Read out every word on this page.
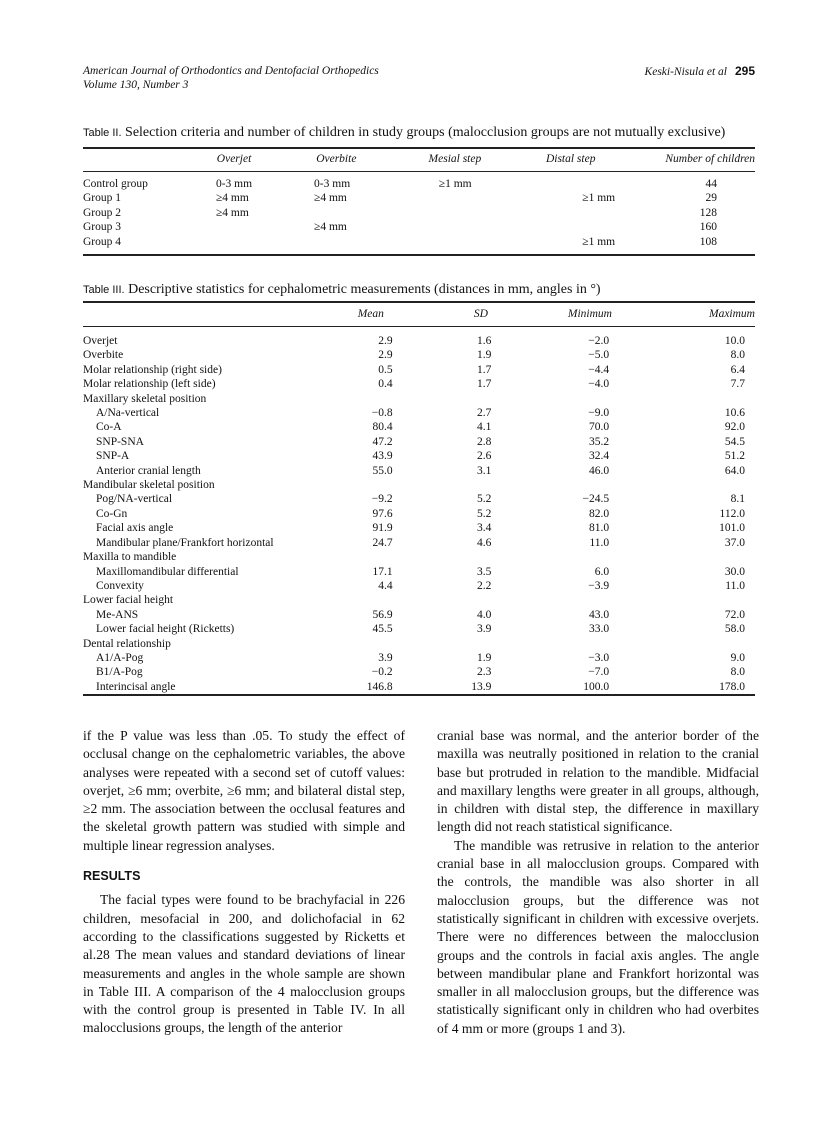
American Journal of Orthodontics and Dentofacial Orthopedics
Volume 130, Number 3
Keski-Nisula et al 295
Table II. Selection criteria and number of children in study groups (malocclusion groups are not mutually exclusive)
	Overjet	Overbite	Mesial step	Distal step	Number of children
Control group	0-3 mm	0-3 mm	≥1 mm		44
Group 1	≥4 mm	≥4 mm		≥1 mm	29
Group 2	≥4 mm				128
Group 3		≥4 mm			160
Group 4				≥1 mm	108
Table III. Descriptive statistics for cephalometric measurements (distances in mm, angles in °)
	Mean	SD	Minimum	Maximum
Overjet	2.9	1.6	−2.0	10.0
Overbite	2.9	1.9	−5.0	8.0
Molar relationship (right side)	0.5	1.7	−4.4	6.4
Molar relationship (left side)	0.4	1.7	−4.0	7.7
Maxillary skeletal position				
A/Na-vertical	−0.8	2.7	−9.0	10.6
Co-A	80.4	4.1	70.0	92.0
SNP-SNA	47.2	2.8	35.2	54.5
SNP-A	43.9	2.6	32.4	51.2
Anterior cranial length	55.0	3.1	46.0	64.0
Mandibular skeletal position				
Pog/NA-vertical	−9.2	5.2	−24.5	8.1
Co-Gn	97.6	5.2	82.0	112.0
Facial axis angle	91.9	3.4	81.0	101.0
Mandibular plane/Frankfort horizontal	24.7	4.6	11.0	37.0
Maxilla to mandible				
Maxillomandibular differential	17.1	3.5	6.0	30.0
Convexity	4.4	2.2	−3.9	11.0
Lower facial height				
Me-ANS	56.9	4.0	43.0	72.0
Lower facial height (Ricketts)	45.5	3.9	33.0	58.0
Dental relationship				
A1/A-Pog	3.9	1.9	−3.0	9.0
B1/A-Pog	−0.2	2.3	−7.0	8.0
Interincisal angle	146.8	13.9	100.0	178.0

if the P value was less than .05. To study the effect of occlusal change on the cephalometric variables, the above analyses were repeated with a second set of cutoff values: overjet, ≥6 mm; overbite, ≥6 mm; and bilateral distal step, ≥2 mm. The association between the occlusal features and the skeletal growth pattern was studied with simple and multiple linear regression analyses.

RESULTS

The facial types were found to be brachyfacial in 226 children, mesofacial in 200, and dolichofacial in 62 according to the classifications suggested by Ricketts et al.28 The mean values and standard deviations of linear measurements and angles in the whole sample are shown in Table III. A comparison of the 4 malocclusion groups with the control group is presented in Table IV. In all malocclusions groups, the length of the anterior

cranial base was normal, and the anterior border of the maxilla was neutrally positioned in relation to the cranial base but protruded in relation to the mandible. Midfacial and maxillary lengths were greater in all groups, although, in children with distal step, the difference in maxillary length did not reach statistical significance.

The mandible was retrusive in relation to the anterior cranial base in all malocclusion groups. Compared with the controls, the mandible was also shorter in all malocclusion groups, but the difference was not statistically significant in children with excessive overjets. There were no differences between the malocclusion groups and the controls in facial axis angles. The angle between mandibular plane and Frankfort horizontal was smaller in all malocclusion groups, but the difference was statistically significant only in children who had overbites of 4 mm or more (groups 1 and 3).
